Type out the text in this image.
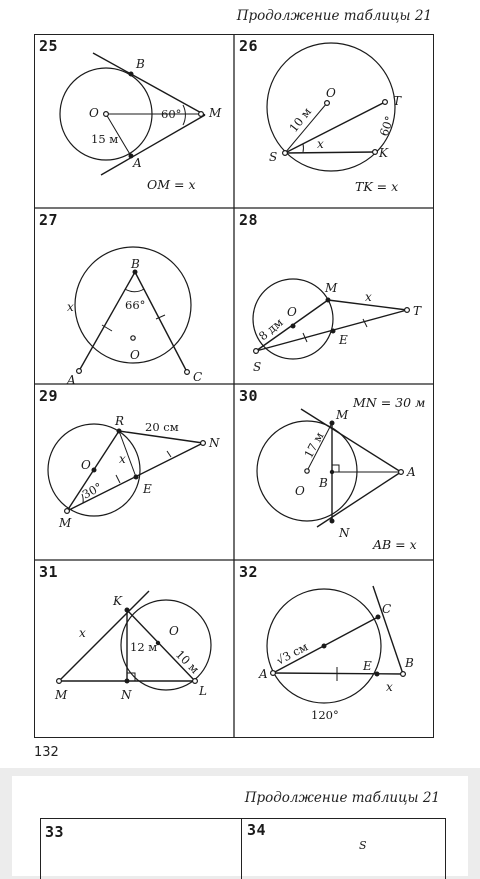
Продолжение таблицы 21
25
B
O	M
A
60°
15 м
OM = x
26
O
T
S	K
x
10 м	60°
TK = x
27
B
A	C
O
x	66°
28
M
O	T
S
E
x
8 дм
29
R
O
N
E
M
x
30°
20 см
30	MN = 30 м
M
B
O
A
N
17 м
AB = x
31
K
O
M	N	L
x
12 м
10 м
32
C
A
E	B
x
√3 см
120°
132
Продолжение таблицы 21
33	34
S
